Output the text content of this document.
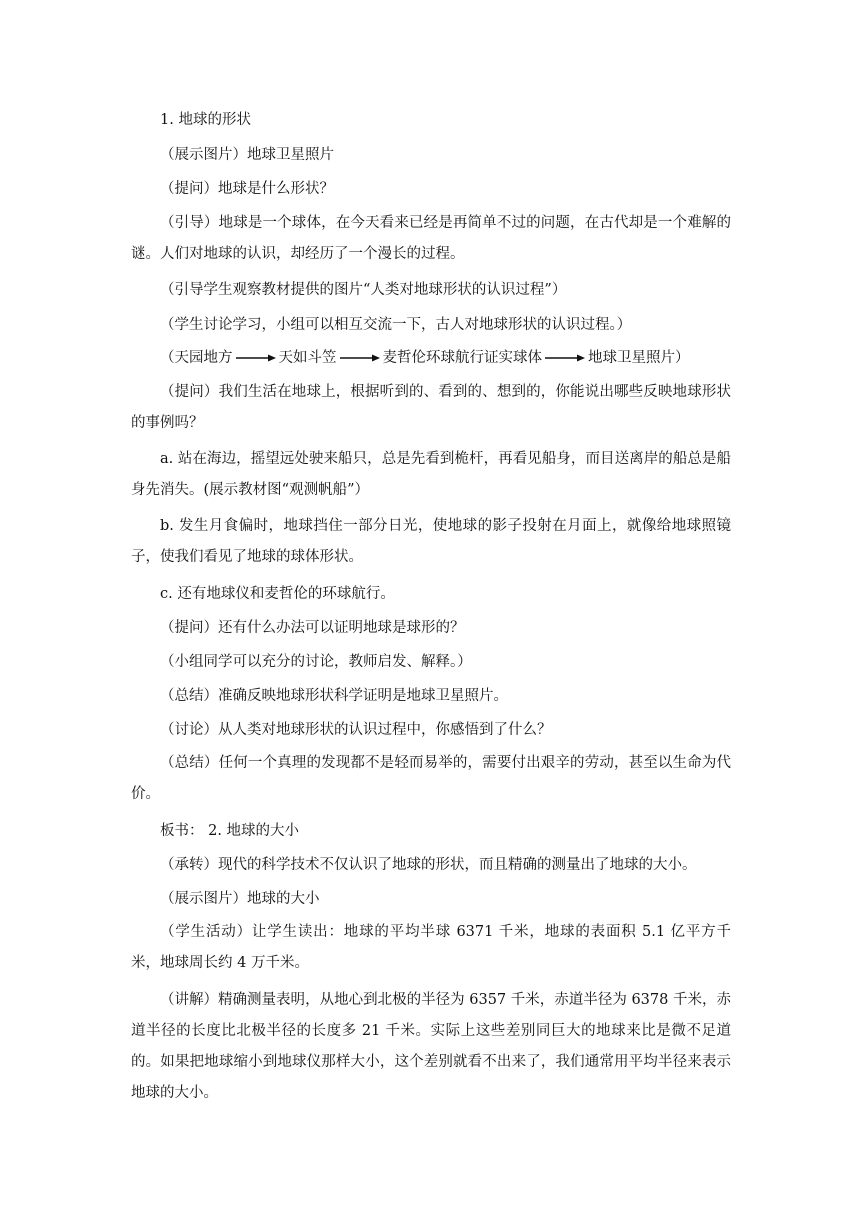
1. 地球的形状

（展示图片）地球卫星照片

（提问）地球是什么形状？

（引导）地球是一个球体，在今天看来已经是再简单不过的问题，在古代却是一个难解的谜。人们对地球的认识，却经历了一个漫长的过程。

（引导学生观察教材提供的图片“人类对地球形状的认识过程”）

（学生讨论学习，小组可以相互交流一下，古人对地球形状的认识过程。）

（天园地方	天如斗笠	麦哲伦环球航行证实球体	地球卫星照片）

（提问）我们生活在地球上，根据听到的、看到的、想到的，你能说出哪些反映地球形状的事例吗？

a. 站在海边，摇望远处驶来船只，总是先看到桅杆，再看见船身，而目送离岸的船总是船身先消失。(展示教材图“观测帆船”）

b. 发生月食偏时，地球挡住一部分日光，使地球的影子投射在月面上，就像给地球照镜子，使我们看见了地球的球体形状。

c. 还有地球仪和麦哲伦的环球航行。

（提问）还有什么办法可以证明地球是球形的？

（小组同学可以充分的讨论，教师启发、解释。）

（总结）准确反映地球形状科学证明是地球卫星照片。

（讨论）从人类对地球形状的认识过程中，你感悟到了什么？

（总结）任何一个真理的发现都不是轻而易举的，需要付出艰辛的劳动，甚至以生命为代价。

板书： 2. 地球的大小

（承转）现代的科学技术不仅认识了地球的形状，而且精确的测量出了地球的大小。

（展示图片）地球的大小

（学生活动）让学生读出：地球的平均半球 6371 千米，地球的表面积 5.1 亿平方千米，地球周长约 4 万千米。

（讲解）精确测量表明，从地心到北极的半径为 6357 千米，赤道半径为 6378 千米，赤道半径的长度比北极半径的长度多 21 千米。实际上这些差别同巨大的地球来比是微不足道的。如果把地球缩小到地球仪那样大小，这个差别就看不出来了，我们通常用平均半径来表示地球的大小。
